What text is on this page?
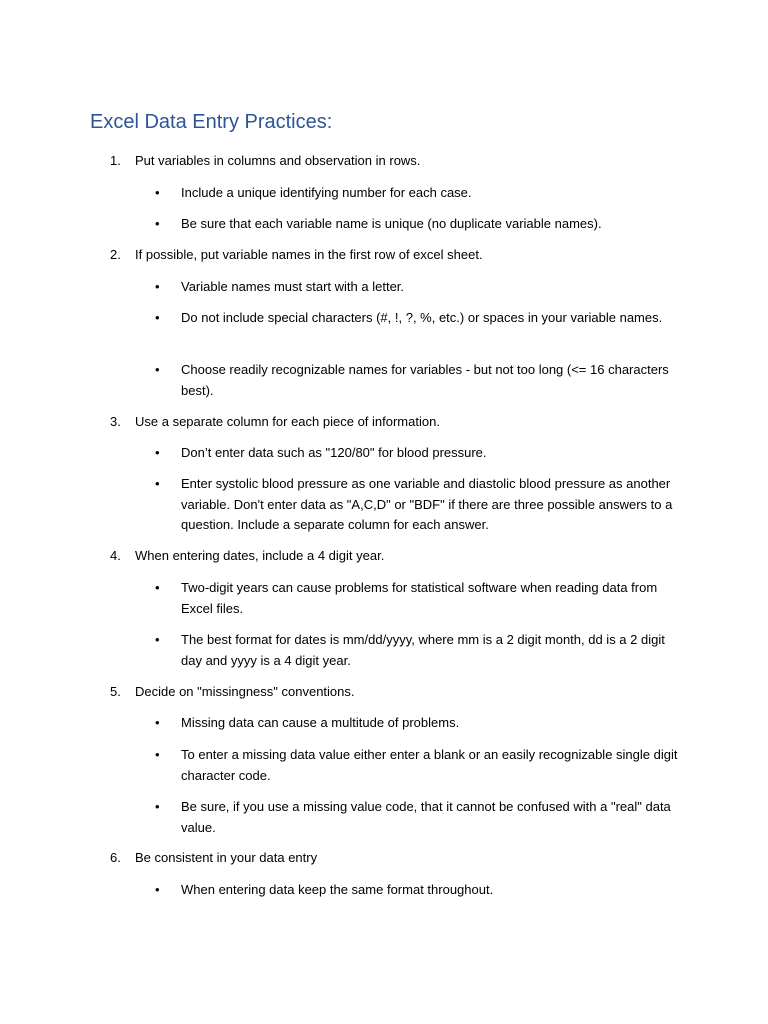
Excel Data Entry Practices:
1. Put variables in columns and observation in rows.
•	Include a unique identifying number for each case.
•	Be sure that each variable name is unique (no duplicate variable names).
2. If possible, put variable names in the first row of excel sheet.
•	Variable names must start with a letter.
•	Do not include special characters (#, !, ?, %, etc.) or spaces in your variable names.
•	Choose readily recognizable names for variables - but not too long (<= 16 characters best).
3. Use a separate column for each piece of information.
•	Don’t enter data such as "120/80" for blood pressure.
•	Enter systolic blood pressure as one variable and diastolic blood pressure as another variable. Don't enter data as "A,C,D" or "BDF" if there are three possible answers to a question. Include a separate column for each answer.
4. When entering dates, include a 4 digit year.
•	Two-digit years can cause problems for statistical software when reading data from Excel files.
•	The best format for dates is mm/dd/yyyy, where mm is a 2 digit month, dd is a 2 digit day and yyyy is a 4 digit year.
5. Decide on "missingness" conventions.
•	Missing data can cause a multitude of problems.
•	To enter a missing data value either enter a blank or an easily recognizable single digit character code.
•	Be sure, if you use a missing value code, that it cannot be confused with a "real" data value.
6. Be consistent in your data entry
•	When entering data keep the same format throughout.
